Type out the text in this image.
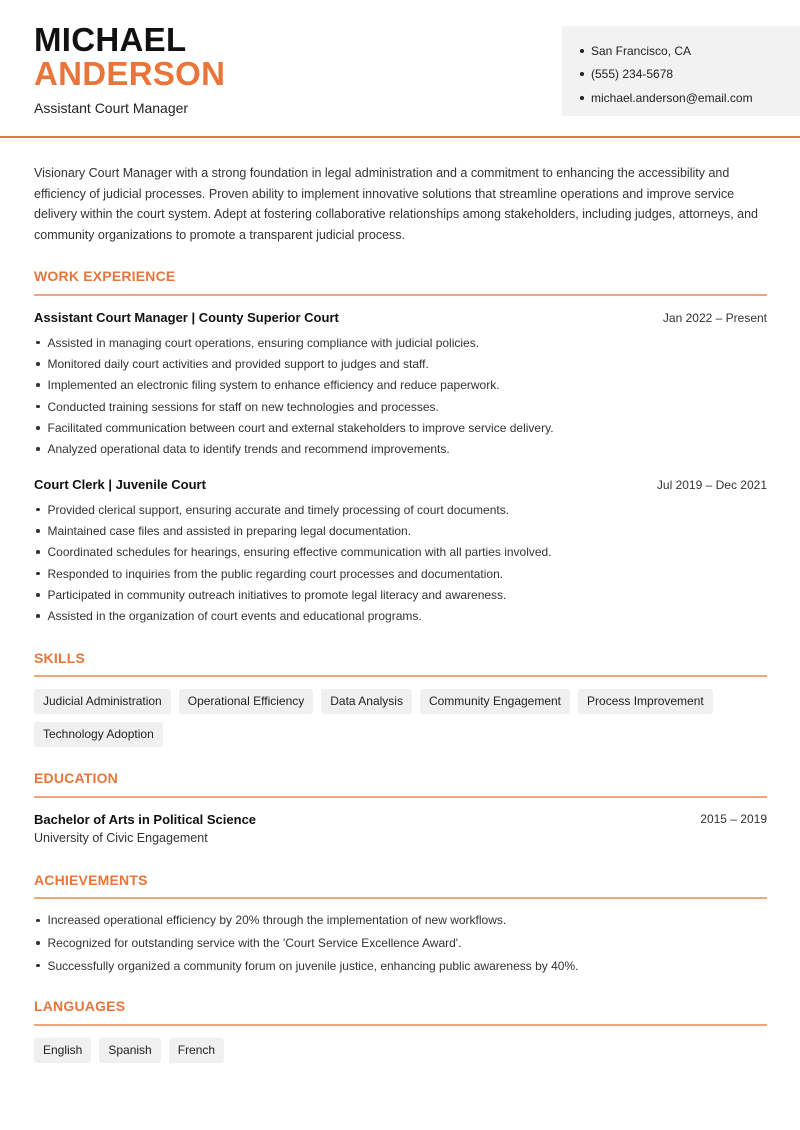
MICHAEL
ANDERSON
Assistant Court Manager
San Francisco, CA
(555) 234-5678
michael.anderson@email.com

Visionary Court Manager with a strong foundation in legal administration and a commitment to enhancing the accessibility and efficiency of judicial processes. Proven ability to implement innovative solutions that streamline operations and improve service delivery within the court system. Adept at fostering collaborative relationships among stakeholders, including judges, attorneys, and community organizations to promote a transparent judicial process.

WORK EXPERIENCE
Assistant Court Manager | County Superior Court	Jan 2022 – Present
Assisted in managing court operations, ensuring compliance with judicial policies.
Monitored daily court activities and provided support to judges and staff.
Implemented an electronic filing system to enhance efficiency and reduce paperwork.
Conducted training sessions for staff on new technologies and processes.
Facilitated communication between court and external stakeholders to improve service delivery.
Analyzed operational data to identify trends and recommend improvements.
Court Clerk | Juvenile Court	Jul 2019 – Dec 2021
Provided clerical support, ensuring accurate and timely processing of court documents.
Maintained case files and assisted in preparing legal documentation.
Coordinated schedules for hearings, ensuring effective communication with all parties involved.
Responded to inquiries from the public regarding court processes and documentation.
Participated in community outreach initiatives to promote legal literacy and awareness.
Assisted in the organization of court events and educational programs.
SKILLS
Judicial Administration	Operational Efficiency	Data Analysis	Community Engagement	Process Improvement
Technology Adoption
EDUCATION
Bachelor of Arts in Political Science	2015 – 2019
University of Civic Engagement
ACHIEVEMENTS
Increased operational efficiency by 20% through the implementation of new workflows.
Recognized for outstanding service with the 'Court Service Excellence Award'.
Successfully organized a community forum on juvenile justice, enhancing public awareness by 40%.
LANGUAGES
English	Spanish	French
